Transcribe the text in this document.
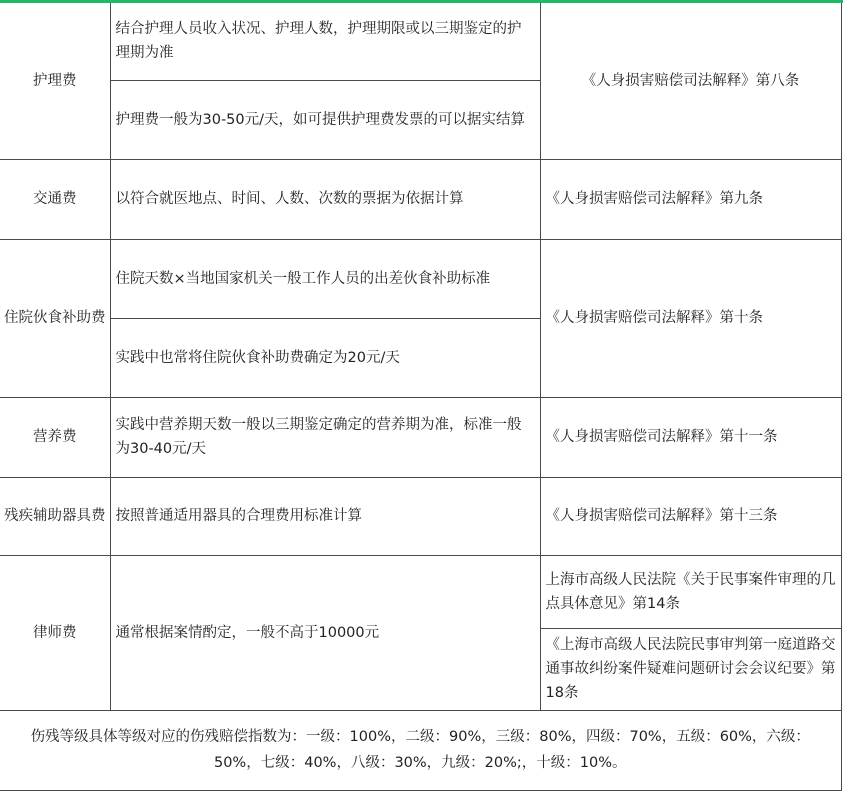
护理费	结合护理人员收入状况、护理人数，护理期限或以三期鉴定的护理期为准	《人身损害赔偿司法解释》第八条
	护理费一般为30-50元/天，如可提供护理费发票的可以据实结算	
交通费	以符合就医地点、时间、人数、次数的票据为依据计算	《人身损害赔偿司法解释》第九条
住院伙食补助费	住院天数×当地国家机关一般工作人员的出差伙食补助标准	《人身损害赔偿司法解释》第十条
	实践中也常将住院伙食补助费确定为20元/天	
营养费	实践中营养期天数一般以三期鉴定确定的营养期为准，标准一般为30-40元/天	《人身损害赔偿司法解释》第十一条
残疾辅助器具费	按照普通适用器具的合理费用标准计算	《人身损害赔偿司法解释》第十三条
律师费	通常根据案情酌定，一般不高于10000元	上海市高级人民法院《关于民事案件审理的几点具体意见》第14条
		《上海市高级人民法院民事审判第一庭道路交通事故纠纷案件疑难问题研讨会会议纪要》第18条
伤残等级具体等级对应的伤残赔偿指数为：一级：100%，二级：90%，三级：80%，四级：70%，五级：60%，六级：50%，七级：40%，八级：30%，九级：20%;，十级：10%。		
